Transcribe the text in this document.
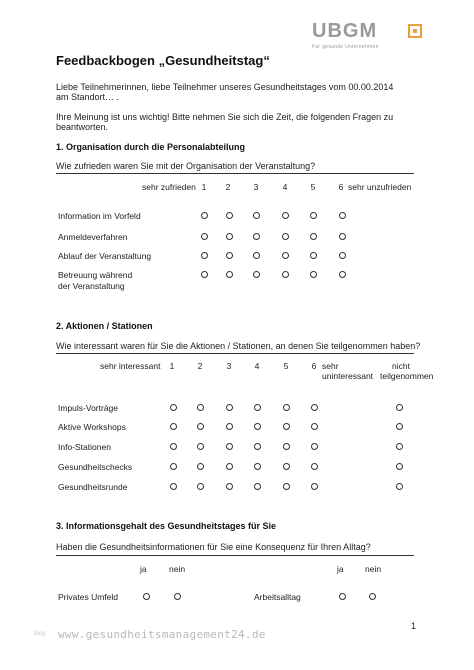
UBGM
Für gesunde Unternehmen
Feedbackbogen „Gesundheitstag“
Liebe Teilnehmerinnen, liebe Teilnehmer unseres Gesundheitstages vom 00.00.2014 am Standort… .
Ihre Meinung ist uns wichtig! Bitte nehmen Sie sich die Zeit, die folgenden Fragen zu beantworten.
1. Organisation durch die Personalabteilung
Wie zufrieden waren Sie mit der Organisation der Veranstaltung?
sehr zufrieden 1	2	3	4	5	6 sehr unzufrieden
Information im Vorfeld
Anmeldeverfahren
Ablauf der Veranstaltung
Betreuung während
der Veranstaltung
2. Aktionen / Stationen
Wie interessant waren für Sie die Aktionen / Stationen, an denen Sie teilgenommen haben?
sehr interessant	1	2	3	4	5	6 sehr
uninteressant
nicht
teilgenommen
Impuls-Vorträge
Aktive Workshops
Info-Stationen
Gesundheitschecks
Gesundheitsrunde
3. Informationsgehalt des Gesundheitstages für Sie
Haben die Gesundheitsinformationen für Sie eine Konsequenz für Ihren Alltag?
ja	nein	ja	nein
Privates Umfeld	Arbeitsalltag
blog www.gesundheitsmanagement24.de
1
